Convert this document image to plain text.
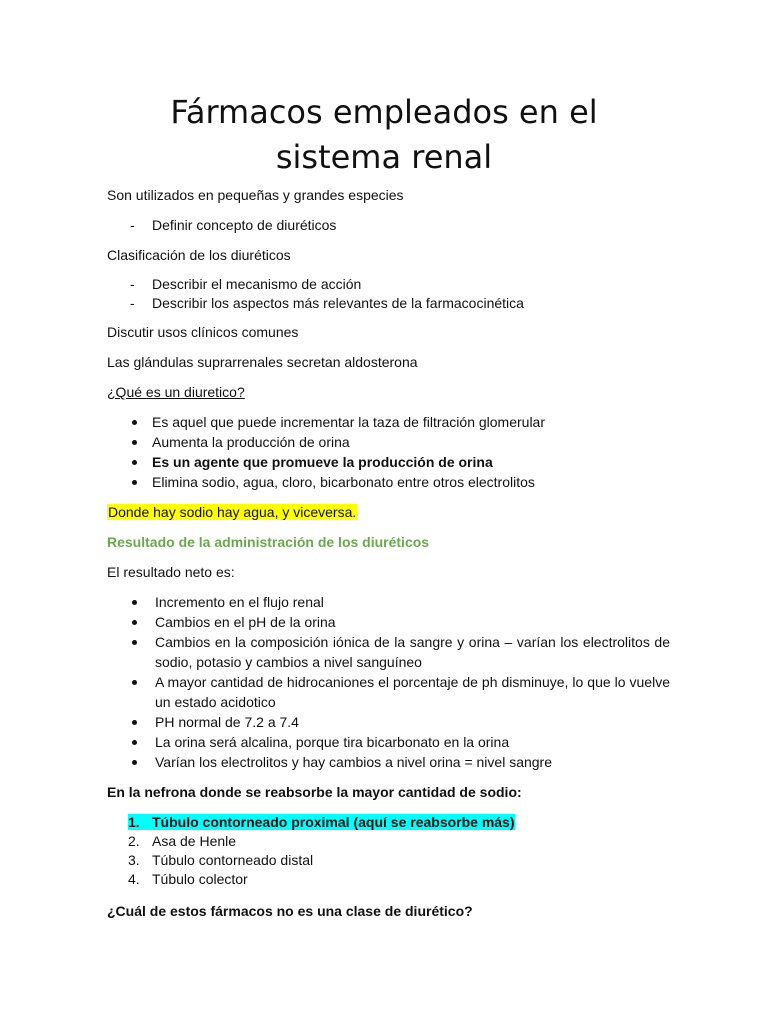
Fármacos empleados en el
sistema renal
Son utilizados en pequeñas y grandes especies
- Definir concepto de diuréticos
Clasificación de los diuréticos
- Describir el mecanismo de acción
- Describir los aspectos más relevantes de la farmacocinética
Discutir usos clínicos comunes
Las glándulas suprarrenales secretan aldosterona
¿Qué es un diuretico?
Es aquel que puede incrementar la taza de filtración glomerular
Aumenta la producción de orina
Es un agente que promueve la producción de orina
Elimina sodio, agua, cloro, bicarbonato entre otros electrolitos
Donde hay sodio hay agua, y viceversa.
Resultado de la administración de los diuréticos
El resultado neto es:
Incremento en el flujo renal
Cambios en el pH de la orina
Cambios en la composición iónica de la sangre y orina – varían los electrolitos de sodio, potasio y cambios a nivel sanguíneo
A mayor cantidad de hidrocaniones el porcentaje de ph disminuye, lo que lo vuelve un estado acidotico
PH normal de 7.2 a 7.4
La orina será alcalina, porque tira bicarbonato en la orina
Varían los electrolitos y hay cambios a nivel orina = nivel sangre
En la nefrona donde se reabsorbe la mayor cantidad de sodio:
1. Túbulo contorneado proximal (aquí se reabsorbe más)
2. Asa de Henle
3. Túbulo contorneado distal
4. Túbulo colector
¿Cuál de estos fármacos no es una clase de diurético?
